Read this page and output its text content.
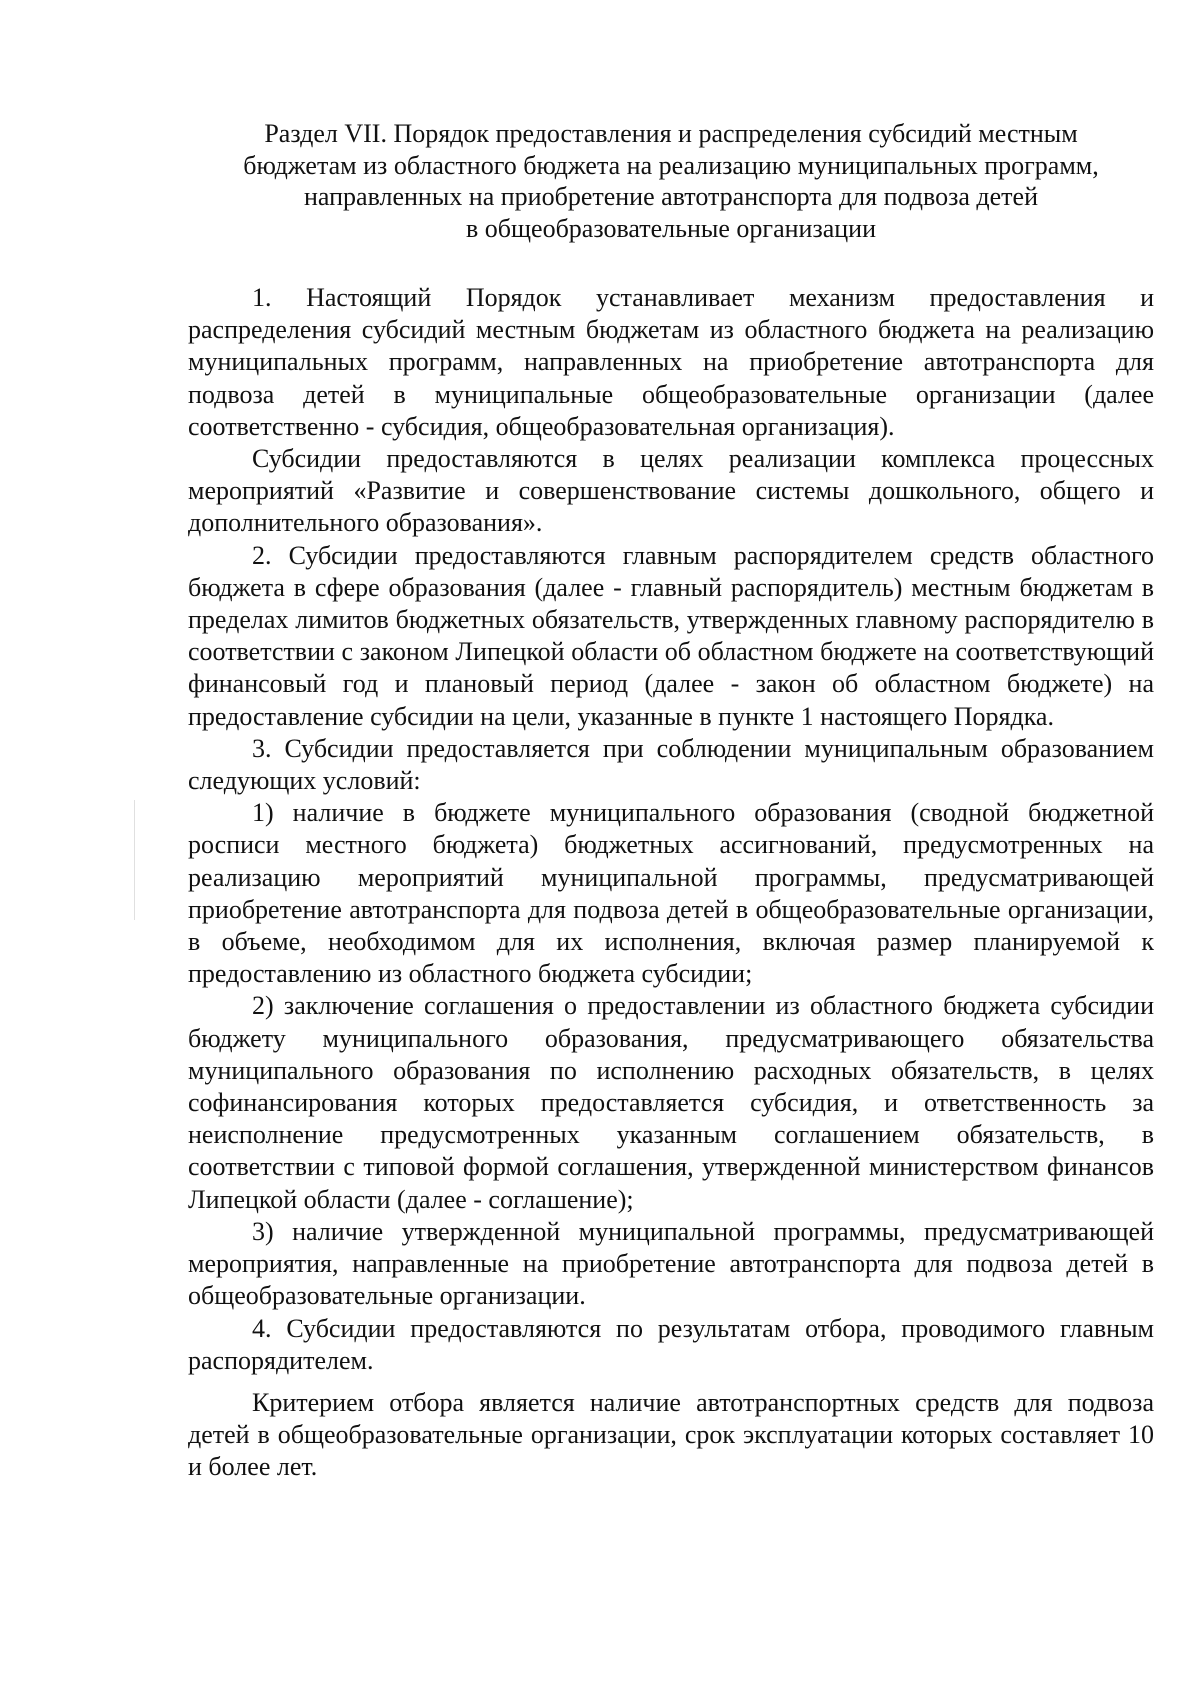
Раздел VII. Порядок предоставления и распределения субсидий местным
бюджетам из областного бюджета на реализацию муниципальных программ,
направленных на приобретение автотранспорта для подвоза детей
в общеобразовательные организации

1. Настоящий Порядок устанавливает механизм предоставления и распределения субсидий местным бюджетам из областного бюджета на реализацию муниципальных программ, направленных на приобретение автотранспорта для подвоза детей в муниципальные общеобразовательные организации (далее соответственно - субсидия, общеобразовательная организация).

Субсидии предоставляются в целях реализации комплекса процессных мероприятий «Развитие и совершенствование системы дошкольного, общего и дополнительного образования».

2. Субсидии предоставляются главным распорядителем средств областного бюджета в сфере образования (далее - главный распорядитель) местным бюджетам в пределах лимитов бюджетных обязательств, утвержденных главному распорядителю в соответствии с законом Липецкой области об областном бюджете на соответствующий финансовый год и плановый период (далее - закон об областном бюджете) на предоставление субсидии на цели, указанные в пункте 1 настоящего Порядка.

3. Субсидии предоставляется при соблюдении муниципальным образованием следующих условий:

1) наличие в бюджете муниципального образования (сводной бюджетной росписи местного бюджета) бюджетных ассигнований, предусмотренных на реализацию мероприятий муниципальной программы, предусматривающей приобретение автотранспорта для подвоза детей в общеобразовательные организации, в объеме, необходимом для их исполнения, включая размер планируемой к предоставлению из областного бюджета субсидии;

2) заключение соглашения о предоставлении из областного бюджета субсидии бюджету муниципального образования, предусматривающего обязательства муниципального образования по исполнению расходных обязательств, в целях софинансирования которых предоставляется субсидия, и ответственность за неисполнение предусмотренных указанным соглашением обязательств, в соответствии с типовой формой соглашения, утвержденной министерством финансов Липецкой области (далее - соглашение);

3) наличие утвержденной муниципальной программы, предусматривающей мероприятия, направленные на приобретение автотранспорта для подвоза детей в общеобразовательные организации.

4. Субсидии предоставляются по результатам отбора, проводимого главным распорядителем.

Критерием отбора является наличие автотранспортных средств для подвоза детей в общеобразовательные организации, срок эксплуатации которых составляет 10 и более лет.
